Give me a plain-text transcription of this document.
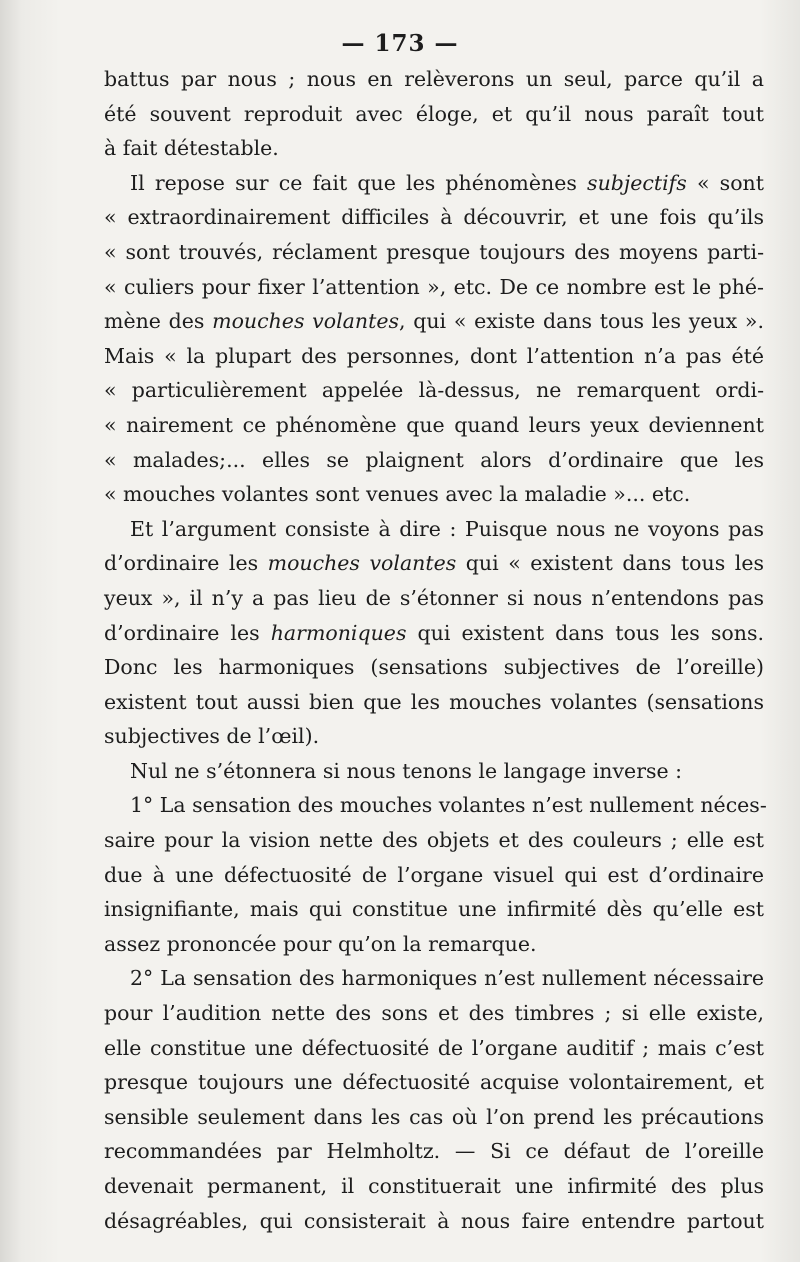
— 173 —
battus par nous ; nous en relèverons un seul, parce qu’il a
été souvent reproduit avec éloge, et qu’il nous paraît tout
à fait détestable.
Il repose sur ce fait que les phénomènes subjectifs « sont
« extraordinairement difficiles à découvrir, et une fois qu’ils
« sont trouvés, réclament presque toujours des moyens parti-
« culiers pour fixer l’attention », etc. De ce nombre est le phé-
mène des mouches volantes, qui « existe dans tous les yeux ».
Mais « la plupart des personnes, dont l’attention n’a pas été
« particulièrement appelée là-dessus, ne remarquent ordi-
« nairement ce phénomène que quand leurs yeux deviennent
« malades;... elles se plaignent alors d’ordinaire que les
« mouches volantes sont venues avec la maladie »... etc.
Et l’argument consiste à dire : Puisque nous ne voyons pas
d’ordinaire les mouches volantes qui « existent dans tous les
yeux », il n’y a pas lieu de s’étonner si nous n’entendons pas
d’ordinaire les harmoniques qui existent dans tous les sons.
Donc les harmoniques (sensations subjectives de l’oreille)
existent tout aussi bien que les mouches volantes (sensations
subjectives de l’œil).
Nul ne s’étonnera si nous tenons le langage inverse :
1° La sensation des mouches volantes n’est nullement néces-
saire pour la vision nette des objets et des couleurs ; elle est
due à une défectuosité de l’organe visuel qui est d’ordinaire
insignifiante, mais qui constitue une infirmité dès qu’elle est
assez prononcée pour qu’on la remarque.
2° La sensation des harmoniques n’est nullement nécessaire
pour l’audition nette des sons et des timbres ; si elle existe,
elle constitue une défectuosité de l’organe auditif ; mais c’est
presque toujours une défectuosité acquise volontairement, et
sensible seulement dans les cas où l’on prend les précautions
recommandées par Helmholtz. — Si ce défaut de l’oreille
devenait permanent, il constituerait une infirmité des plus
désagréables, qui consisterait à nous faire entendre partout
